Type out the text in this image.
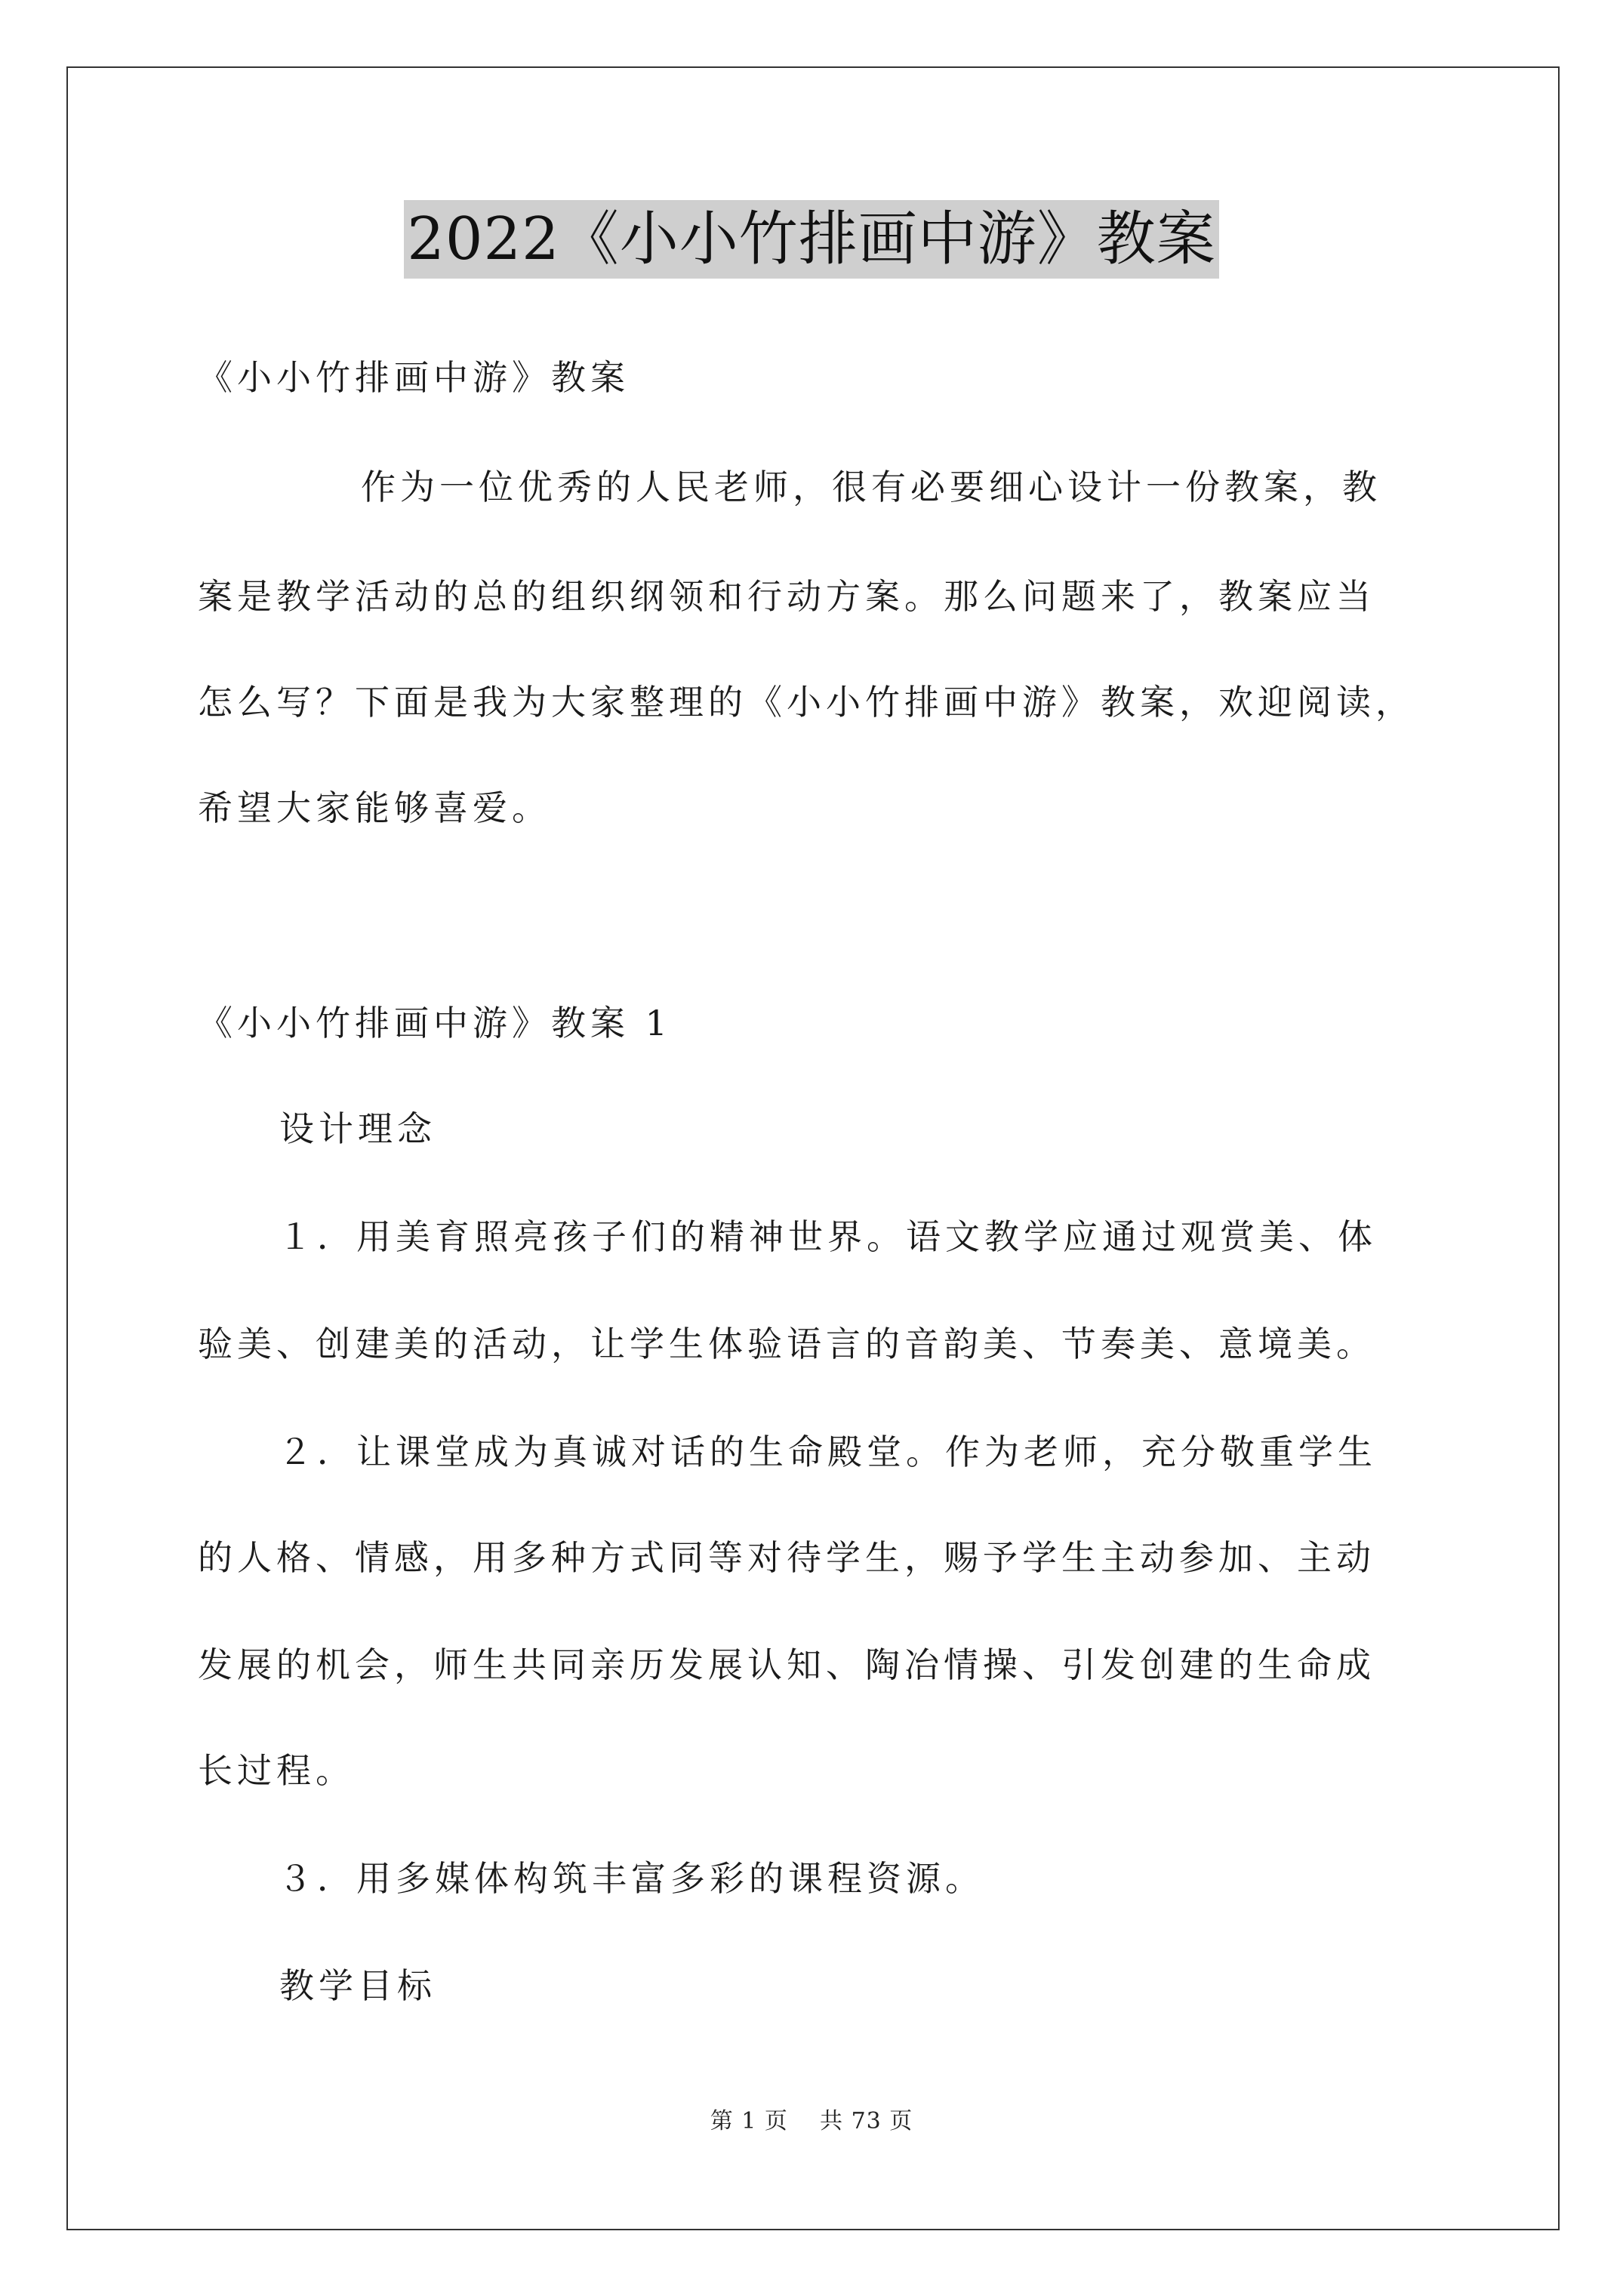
2022《小小竹排画中游》教案
《小小竹排画中游》教案
作为一位优秀的人民老师，很有必要细心设计一份教案，教
案是教学活动的总的组织纲领和行动方案。那么问题来了，教案应当
怎么写？下面是我为大家整理的《小小竹排画中游》教案，欢迎阅读，
希望大家能够喜爱。
《小小竹排画中游》教案 1
设计理念
１．用美育照亮孩子们的精神世界。语文教学应通过观赏美、体
验美、创建美的活动，让学生体验语言的音韵美、节奏美、意境美。
２．让课堂成为真诚对话的生命殿堂。作为老师，充分敬重学生
的人格、情感，用多种方式同等对待学生，赐予学生主动参加、主动
发展的机会，师生共同亲历发展认知、陶冶情操、引发创建的生命成
长过程。
３．用多媒体构筑丰富多彩的课程资源。
教学目标
第 1 页 共 73 页
